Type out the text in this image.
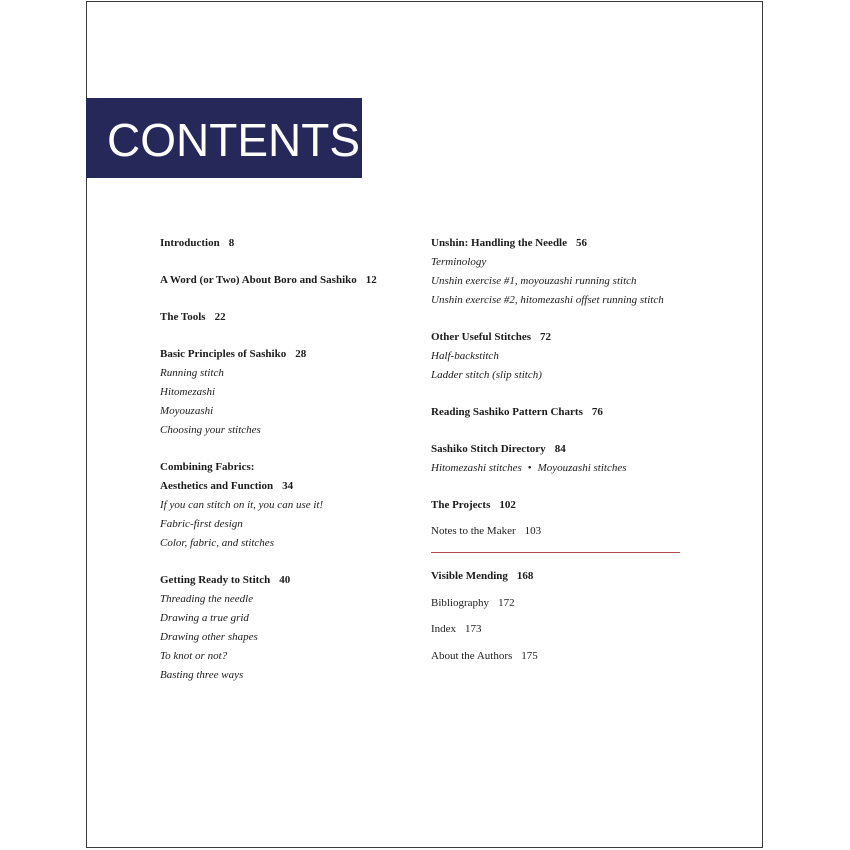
CONTENTS
Introduction 8
A Word (or Two) About Boro and Sashiko 12
The Tools 22
Basic Principles of Sashiko 28
Running stitch
Hitomezashi
Moyouzashi
Choosing your stitches
Combining Fabrics:
Aesthetics and Function 34
If you can stitch on it, you can use it!
Fabric-first design
Color, fabric, and stitches
Getting Ready to Stitch 40
Threading the needle
Drawing a true grid
Drawing other shapes
To knot or not?
Basting three ways
Unshin: Handling the Needle 56
Terminology
Unshin exercise #1, moyouzashi running stitch
Unshin exercise #2, hitomezashi offset running stitch
Other Useful Stitches 72
Half-backstitch
Ladder stitch (slip stitch)
Reading Sashiko Pattern Charts 76
Sashiko Stitch Directory 84
Hitomezashi stitches • Moyouzashi stitches
The Projects 102
Notes to the Maker 103
Visible Mending 168
Bibliography 172
Index 173
About the Authors 175
